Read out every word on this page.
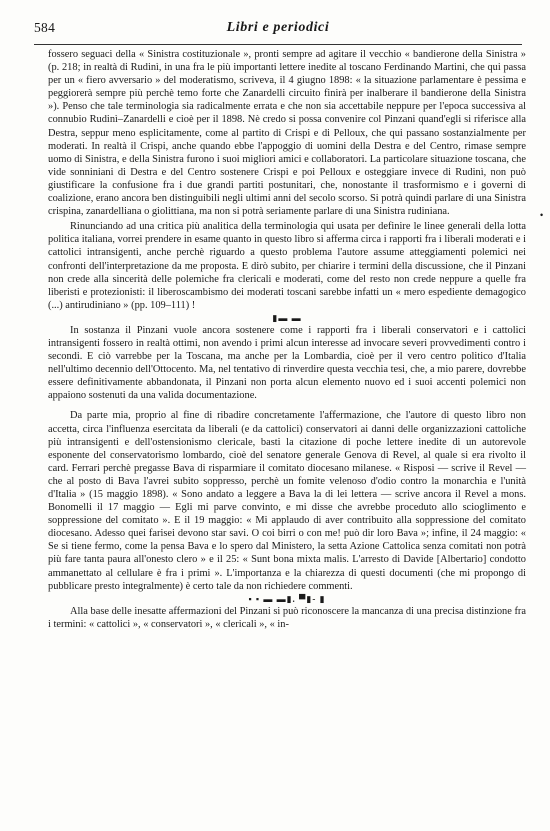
584	Libri e periodici
•

fossero seguaci della « Sinistra costituzionale », pronti sempre ad agitare il vecchio « bandierone della Sinistra » (p. 218; in realtà di Rudinì, in una fra le più importanti lettere inedite al toscano Ferdinando Martini, che qui passa per un « fiero avversario » del moderatismo, scriveva, il 4 giugno 1898: « la situazione parlamentare è pessima e peggiorerà sempre più perchè temo forte che Zanardelli circuito finirà per inalberare il bandierone della Sinistra »). Penso che tale terminologia sia radicalmente errata e che non sia accettabile neppure per l'epoca successiva al connubio Rudinì–Zanardelli e cioè per il 1898. Nè credo si possa convenire col Pinzani quand'egli si riferisce alla Destra, seppur meno esplicitamente, come al partito di Crispi e di Pelloux, che qui passano sostanzialmente per moderati. In realtà il Crispi, anche quando ebbe l'appoggio di uomini della Destra e del Centro, rimase sempre uomo di Sinistra, e della Sinistra furono i suoi migliori amici e collaboratori. La particolare situazione toscana, che vide sonniniani di Destra e del Centro sostenere Crispi e poi Pelloux e osteggiare invece di Rudinì, non può giustificare la confusione fra i due grandi partiti postunitari, che, nonostante il trasformismo e i governi di coalizione, erano ancora ben distinguibili negli ultimi anni del secolo scorso. Si potrà quindi parlare di una Sinistra crispina, zanardelliana o giolittiana, ma non si potrà seriamente parlare di una Sinistra rudiniana.

Rinunciando ad una critica più analitica della terminologia qui usata per definire le linee generali della lotta politica italiana, vorrei prendere in esame quanto in questo libro si afferma circa i rapporti fra i liberali moderati e i cattolici intransigenti, anche perchè riguardo a questo problema l'autore assume atteggiamenti polemici nei confronti dell'interpretazione da me proposta. E dirò subito, per chiarire i termini della discussione, che il Pinzani non crede alla sincerità delle polemiche fra clericali e moderati, come del resto non crede neppure a quelle fra liberisti e protezionisti: il liberoscambismo dei moderati toscani sarebbe infatti un « mero espediente demagogico (...) antirudiniano » (pp. 109–111) !

▮▬ ▬

In sostanza il Pinzani vuole ancora sostenere come i rapporti fra i liberali conservatori e i cattolici intransigenti fossero in realtà ottimi, non avendo i primi alcun interesse ad invocare severi provvedimenti contro i secondi. E ciò varrebbe per la Toscana, ma anche per la Lombardia, cioè per il vero centro politico d'Italia nell'ultimo decennio dell'Ottocento. Ma, nel tentativo di rinverdire questa vecchia tesi, che, a mio parere, dovrebbe essere definitivamente abbandonata, il Pinzani non porta alcun elemento nuovo ed i suoi accenti polemici non appaiono sostenuti da una valida documentazione.

Da parte mia, proprio al fine di ribadire concretamente l'affermazione, che l'autore di questo libro non accetta, circa l'influenza esercitata da liberali (e da cattolici) conservatori ai danni delle organizzazioni cattoliche più intransigenti e dell'ostensionismo clericale, basti la citazione di poche lettere inedite di un autorevole esponente del conservatorismo lombardo, cioè del senatore generale Genova di Revel, al quale si era rivolto il card. Ferrari perchè pregasse Bava di risparmiare il comitato diocesano milanese. « Risposi — scrive il Revel — che al posto di Bava l'avrei subito soppresso, perchè un fomite velenoso d'odio contro la monarchia e l'unità d'Italia » (15 maggio 1898). « Sono andato a leggere a Bava la di lei lettera — scrive ancora il Revel a mons. Bonomelli il 17 maggio — Egli mi parve convinto, e mi disse che avrebbe proceduto allo scioglimento e soppressione del comitato ». E il 19 maggio: « Mi applaudo di aver contribuito alla soppressione del comitato diocesano. Adesso quei farisei devono star savi. O coi birri o con me! può dir loro Bava »; infine, il 24 maggio: « Se si tiene fermo, come la pensa Bava e lo spero dal Ministero, la setta Azione Cattolica senza comitati non potrà più fare tanta paura all'onesto clero » e il 25: « Sunt bona mixta malis. L'arresto di Davide [Albertario] condotto ammanettato al cellulare è fra i primi ». L'importanza e la chiarezza di questi documenti (che mi propongo di pubblicare presto integralmente) è certo tale da non richiedere commenti.

▪ ▪ ▬ ▬▮. ▀▮- ▮

Alla base delle inesatte affermazioni del Pinzani si può riconoscere la mancanza di una precisa distinzione fra i termini: « cattolici », « conservatori », « clericali », « in-
